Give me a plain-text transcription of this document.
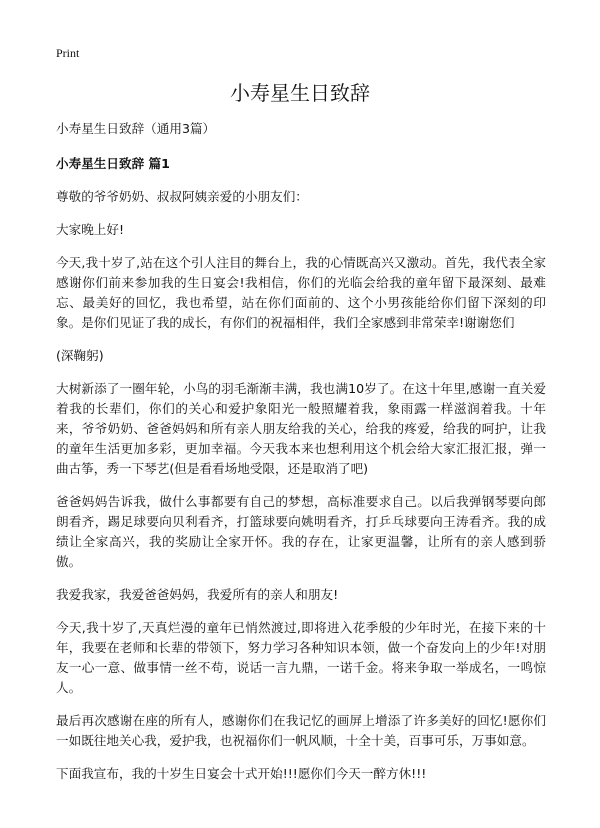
Print
小寿星生日致辞

小寿星生日致辞（通用3篇）

小寿星生日致辞 篇1

尊敬的爷爷奶奶、叔叔阿姨亲爱的小朋友们：

大家晚上好!

今天,我十岁了,站在这个引人注目的舞台上，我的心情既高兴又激动。首先，我代表全家感谢你们前来参加我的生日宴会!我相信，你们的光临会给我的童年留下最深刻、最难忘、最美好的回忆，我也希望，站在你们面前的、这个小男孩能给你们留下深刻的印象。是你们见证了我的成长，有你们的祝福相伴，我们全家感到非常荣幸!谢谢您们

(深鞠躬)

大树新添了一圈年轮，小鸟的羽毛渐渐丰满，我也满10岁了。在这十年里,感谢一直关爱着我的长辈们，你们的关心和爱护象阳光一般照耀着我，象雨露一样滋润着我。十年来，爷爷奶奶、爸爸妈妈和所有亲人朋友给我的关心，给我的疼爱，给我的呵护，让我的童年生活更加多彩，更加幸福。今天我本来也想利用这个机会给大家汇报汇报，弹一曲古筝，秀一下琴艺(但是看看场地受限，还是取消了吧)

爸爸妈妈告诉我，做什么事都要有自己的梦想，高标准要求自己。以后我弹钢琴要向郎朗看齐，踢足球要向贝利看齐，打篮球要向姚明看齐，打乒乓球要向王涛看齐。我的成绩让全家高兴，我的奖励让全家开怀。我的存在，让家更温馨，让所有的亲人感到骄傲。

我爱我家，我爱爸爸妈妈，我爱所有的亲人和朋友!

今天,我十岁了,天真烂漫的童年已悄然渡过,即将进入花季般的少年时光，在接下来的十年，我要在老师和长辈的带领下，努力学习各种知识本领，做一个奋发向上的少年!对朋友一心一意、做事情一丝不苟，说话一言九鼎，一诺千金。将来争取一举成名，一鸣惊人。

最后再次感谢在座的所有人，感谢你们在我记忆的画屏上增添了许多美好的回忆!愿你们一如既往地关心我，爱护我，也祝福你们一帆风顺，十全十美，百事可乐，万事如意。

下面我宣布，我的十岁生日宴会十式开始!!!愿你们今天一醉方休!!!
